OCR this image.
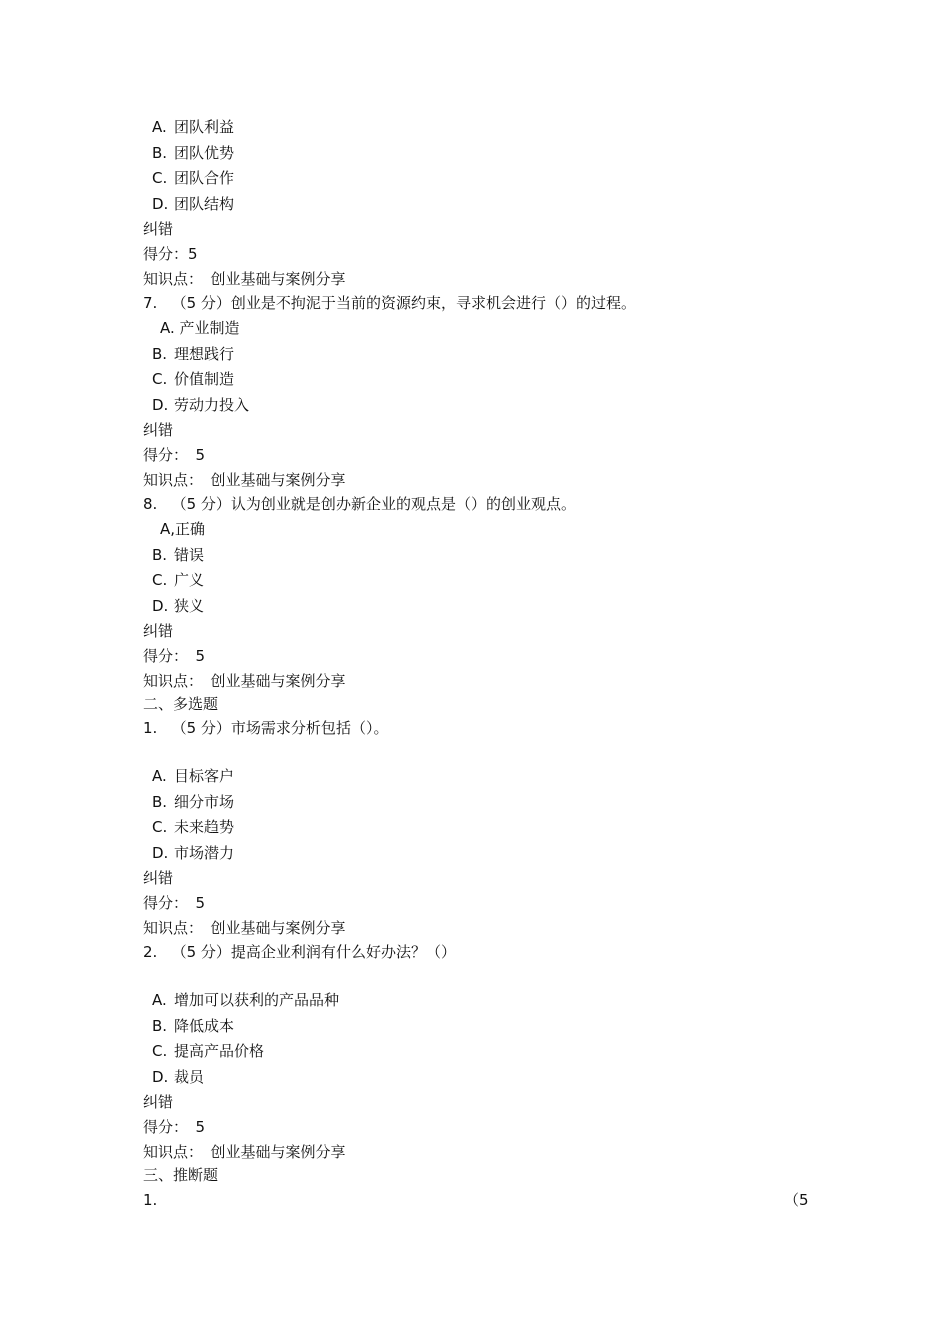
A. 团队利益
B. 团队优势
C. 团队合作
D. 团队结构
纠错
得分：5
知识点：　创业基础与案例分享
7. （5 分）创业是不拘泥于当前的资源约束，寻求机会进行（）的过程。
A. 产业制造
B. 理想践行
C. 价值制造
D. 劳动力投入
纠错
得分：　5
知识点：　创业基础与案例分享
8. （5 分）认为创业就是创办新企业的观点是（）的创业观点。
A,正确
B. 错误
C. 广义
D. 狭义
纠错
得分：　5
知识点：　创业基础与案例分享
二、多选题
1. （5 分）市场需求分析包括（）。
A. 目标客户
B. 细分市场
C. 未来趋势
D. 市场潜力
纠错
得分：　5
知识点：　创业基础与案例分享
2. （5 分）提高企业利润有什么好办法？（）
A. 增加可以获利的产品品种
B. 降低成本
C. 提高产品价格
D. 裁员
纠错
得分：　5
知识点：　创业基础与案例分享
三、推断题
1.	（5
